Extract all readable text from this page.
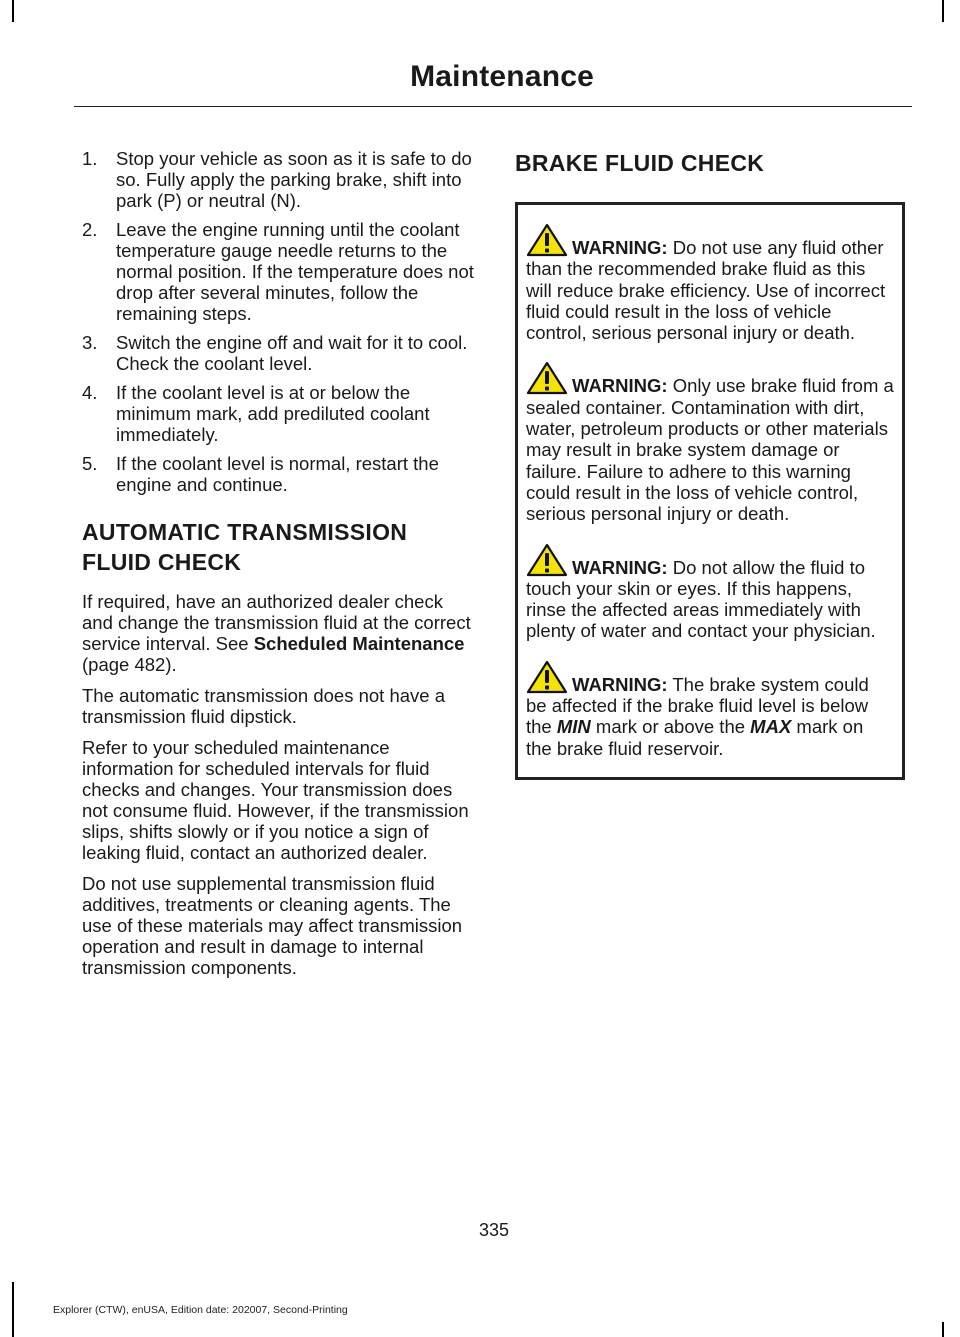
Maintenance
1. Stop your vehicle as soon as it is safe to do so. Fully apply the parking brake, shift into park (P) or neutral (N).
2. Leave the engine running until the coolant temperature gauge needle returns to the normal position. If the temperature does not drop after several minutes, follow the remaining steps.
3. Switch the engine off and wait for it to cool. Check the coolant level.
4. If the coolant level is at or below the minimum mark, add prediluted coolant immediately.
5. If the coolant level is normal, restart the engine and continue.
AUTOMATIC TRANSMISSION
FLUID CHECK

If required, have an authorized dealer check and change the transmission fluid at the correct service interval. See Scheduled Maintenance (page 482).

The automatic transmission does not have a transmission fluid dipstick.

Refer to your scheduled maintenance information for scheduled intervals for fluid checks and changes. Your transmission does not consume fluid. However, if the transmission slips, shifts slowly or if you notice a sign of leaking fluid, contact an authorized dealer.

Do not use supplemental transmission fluid additives, treatments or cleaning agents. The use of these materials may affect transmission operation and result in damage to internal transmission components.

BRAKE FLUID CHECK

WARNING: Do not use any fluid other than the recommended brake fluid as this will reduce brake efficiency. Use of incorrect fluid could result in the loss of vehicle control, serious personal injury or death.

WARNING: Only use brake fluid from a sealed container. Contamination with dirt, water, petroleum products or other materials may result in brake system damage or failure. Failure to adhere to this warning could result in the loss of vehicle control, serious personal injury or death.

WARNING: Do not allow the fluid to touch your skin or eyes. If this happens, rinse the affected areas immediately with plenty of water and contact your physician.

WARNING: The brake system could be affected if the brake fluid level is below the MIN mark or above the MAX mark on the brake fluid reservoir.

335
Explorer (CTW), enUSA, Edition date: 202007, Second-Printing
